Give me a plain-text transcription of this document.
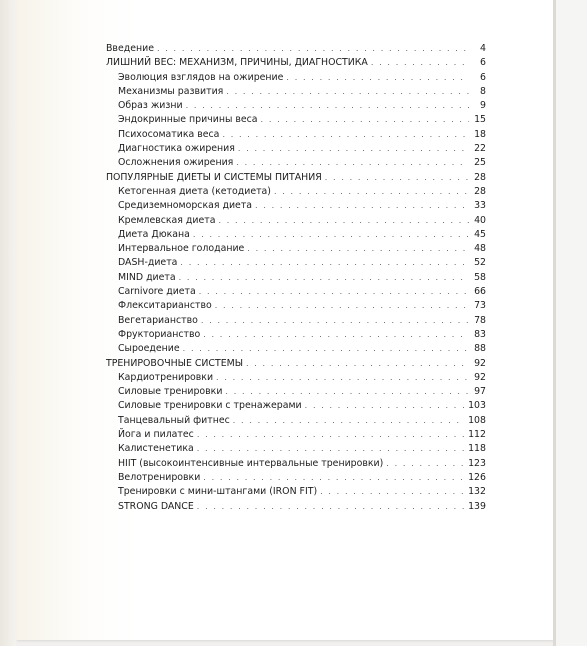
Введение . . .	4
ЛИШНИЙ ВЕС: МЕХАНИЗМ, ПРИЧИНЫ, ДИАГНОСТИКА . . .	6
Эволюция взглядов на ожирение . . .	6
Механизмы развития . . .	8
Образ жизни . . .	9
Эндокринные причины веса . . .	15
Психосоматика веса . . .	18
Диагностика ожирения . . .	22
Осложнения ожирения . . .	25
ПОПУЛЯРНЫЕ ДИЕТЫ И СИСТЕМЫ ПИТАНИЯ . . .	28
Кетогенная диета (кетодиета) . . .	28
Средиземноморская диета . . .	33
Кремлевская диета . . .	40
Диета Дюкана . . .	45
Интервальное голодание . . .	48
DASH-диета . . .	52
MIND диета . . .	58
Carnivore диета . . .	66
Флекситарианство . . .	73
Вегетарианство . . .	78
Фрукторианство . . .	83
Сыроедение . . .	88
ТРЕНИРОВОЧНЫЕ СИСТЕМЫ . . .	92
Кардиотренировки . . .	92
Силовые тренировки . . .	97
Силовые тренировки с тренажерами . . .	103
Танцевальный фитнес . . .	108
Йога и пилатес . . .	112
Калистенетика . . .	118
HIIT (высокоинтенсивные интервальные тренировки) . . .	123
Велотренировки . . .	126
Тренировки с мини-штангами (IRON FIT) . . .	132
STRONG DANCE . . .	139
